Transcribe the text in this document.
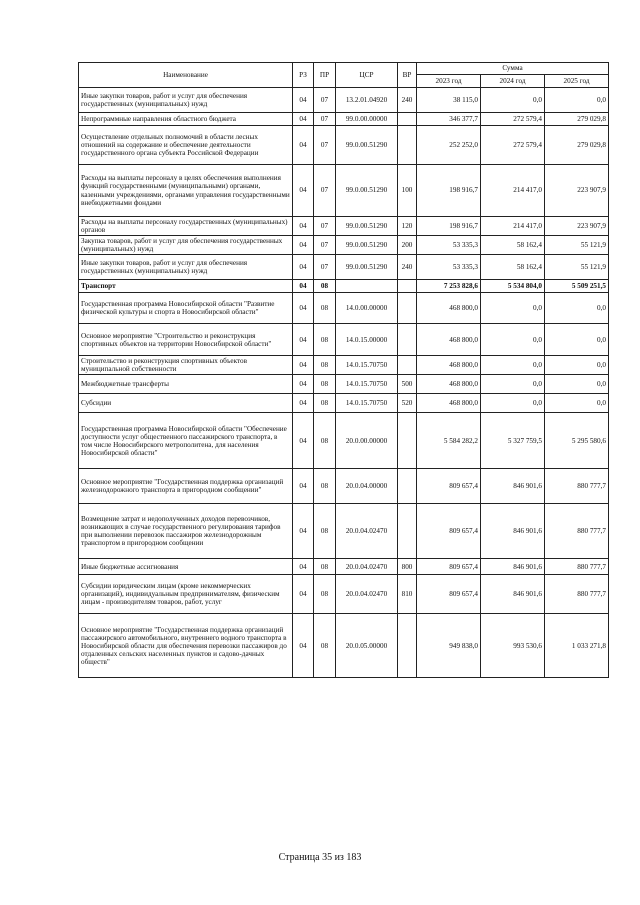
Наименование	РЗ	ПР	ЦСР	ВР	Сумма		
					2023 год	2024 год	2025 год
Иные закупки товаров, работ и услуг для обеспечения государственных (муниципальных) нужд	04	07	13.2.01.04920	240	38 115,0	0,0	0,0
Непрограммные направления областного бюджета	04	07	99.0.00.00000		346 377,7	272 579,4	279 029,8
Осуществление отдельных полномочий в области лесных отношений на содержание и обеспечение деятельности государственного органа субъекта Российской Федерации	04	07	99.0.00.51290		252 252,0	272 579,4	279 029,8
Расходы на выплаты персоналу в целях обеспечения выполнения функций государственными (муниципальными) органами, казенными учреждениями, органами управления государственными внебюджетными фондами	04	07	99.0.00.51290	100	198 916,7	214 417,0	223 907,9
Расходы на выплаты персоналу государственных (муниципальных) органов	04	07	99.0.00.51290	120	198 916,7	214 417,0	223 907,9
Закупка товаров, работ и услуг для обеспечения государственных (муниципальных) нужд	04	07	99.0.00.51290	200	53 335,3	58 162,4	55 121,9
Иные закупки товаров, работ и услуг для обеспечения государственных (муниципальных) нужд	04	07	99.0.00.51290	240	53 335,3	58 162,4	55 121,9
Транспорт	04	08			7 253 828,6	5 534 804,0	5 509 251,5
Государственная программа Новосибирской области "Развитие физической культуры и спорта в Новосибирской области"	04	08	14.0.00.00000		468 800,0	0,0	0,0
Основное мероприятие "Строительство и реконструкция спортивных объектов на территории Новосибирской области"	04	08	14.0.15.00000		468 800,0	0,0	0,0
Строительство и реконструкция спортивных объектов муниципальной собственности	04	08	14.0.15.70750		468 800,0	0,0	0,0
Межбюджетные трансферты	04	08	14.0.15.70750	500	468 800,0	0,0	0,0
Субсидии	04	08	14.0.15.70750	520	468 800,0	0,0	0,0
Государственная программа Новосибирской области "Обеспечение доступности услуг общественного пассажирского транспорта, в том числе Новосибирского метрополитена, для населения Новосибирской области"	04	08	20.0.00.00000		5 584 282,2	5 327 759,5	5 295 580,6
Основное мероприятие "Государственная поддержка организаций железнодорожного транспорта в пригородном сообщении"	04	08	20.0.04.00000		809 657,4	846 901,6	880 777,7
Возмещение затрат и недополученных доходов перевозчиков, возникающих в случае государственного регулирования тарифов при выполнении перевозок пассажиров железнодорожным транспортом в пригородном сообщении	04	08	20.0.04.02470		809 657,4	846 901,6	880 777,7
Иные бюджетные ассигнования	04	08	20.0.04.02470	800	809 657,4	846 901,6	880 777,7
Субсидии юридическим лицам (кроме некоммерческих организаций), индивидуальным предпринимателям, физическим лицам - производителям товаров, работ, услуг	04	08	20.0.04.02470	810	809 657,4	846 901,6	880 777,7
Основное мероприятие "Государственная поддержка организаций пассажирского автомобильного, внутреннего водного транспорта в Новосибирской области для обеспечения перевозки пассажиров до отдаленных сельских населенных пунктов и садово-дачных обществ"	04	08	20.0.05.00000		949 838,0	993 530,6	1 033 271,8
Страница 35 из 183
